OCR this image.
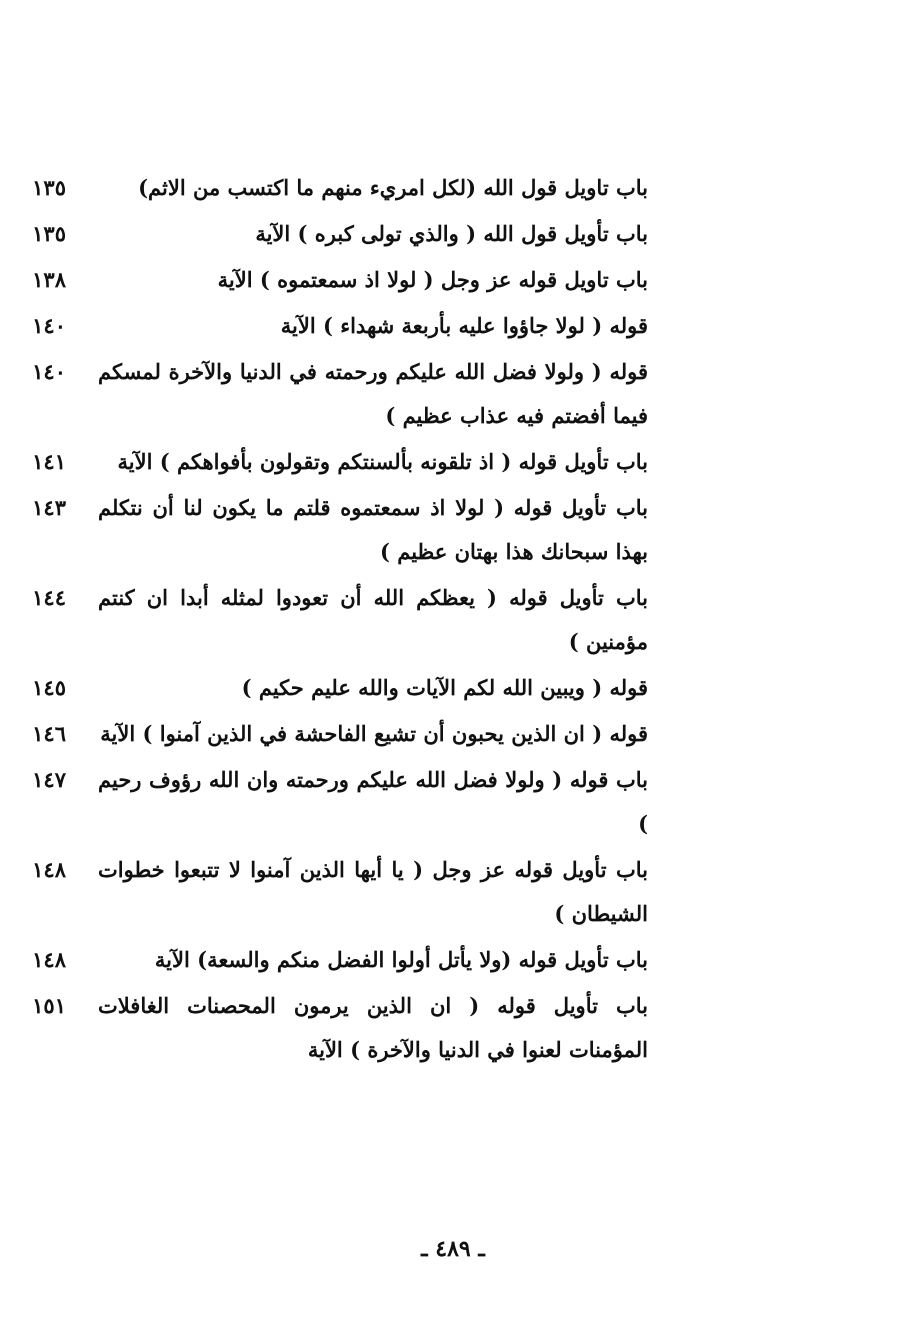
١٣٥	باب تاويل قول الله (لكل امريء منهم ما اكتسب من الاثم)
١٣٥	باب تأويل قول الله ( والذي تولى كبره ) الآية
١٣٨	باب تاويل قوله عز وجل ( لولا اذ سمعتموه ) الآية
١٤٠	قوله ( لولا جاؤوا عليه بأربعة شهداء ) الآية
١٤٠ قوله ( ولولا فضل الله عليكم ورحمته في الدنيا والآخرة لمسكم فيما أفضتم فيه عذاب عظيم )
١٤١	باب تأويل قوله ( اذ تلقونه بألسنتكم وتقولون بأفواهكم ) الآية
١٤٣ باب تأويل قوله ( لولا اذ سمعتموه قلتم ما يكون لنا أن نتكلم بهذا سبحانك هذا بهتان عظيم )
١٤٤ باب تأويل قوله ( يعظكم الله أن تعودوا لمثله أبدا ان كنتم مؤمنين )
١٤٥	قوله ( ويبين الله لكم الآيات والله عليم حكيم )
١٤٦ قوله ( ان الذين يحبون أن تشيع الفاحشة في الذين آمنوا ) الآية
١٤٧ باب قوله ( ولولا فضل الله عليكم ورحمته وان الله رؤوف رحيم )
١٤٨ باب تأويل قوله عز وجل ( يا أيها الذين آمنوا لا تتبعوا خطوات الشيطان )
١٤٨	باب تأويل قوله (ولا يأتل أولوا الفضل منكم والسعة) الآية
١٥١ باب تأويل قوله ( ان الذين يرمون المحصنات الغافلات المؤمنات لعنوا في الدنيا والآخرة ) الآية
ـ ٤٨٩ ـ
